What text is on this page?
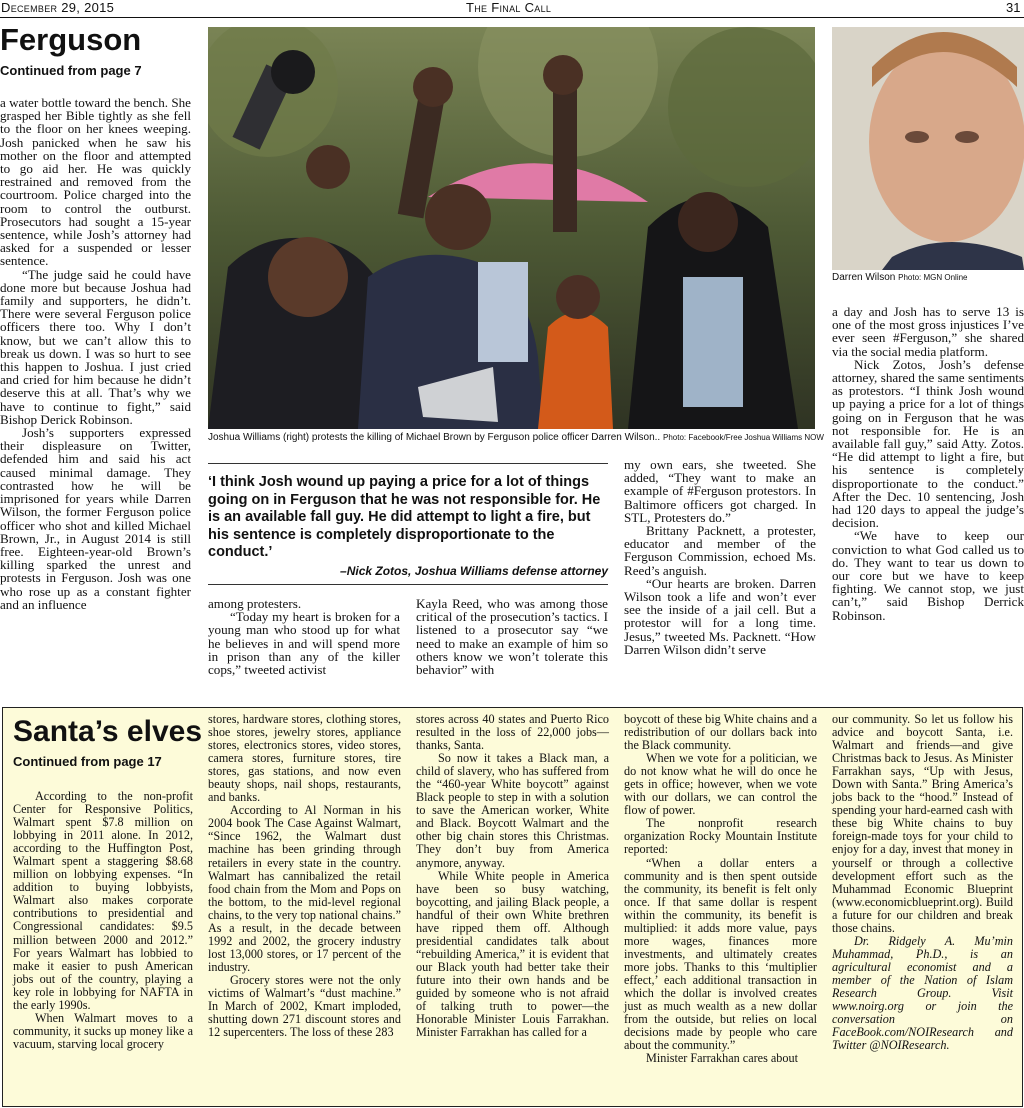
December 29, 2015	The Final Call	31
Ferguson
Continued from page 7

a water bottle toward the bench. She grasped her Bible tightly as she fell to the floor on her knees weeping. Josh panicked when he saw his mother on the floor and attempted to go aid her. He was quickly restrained and removed from the courtroom. Police charged into the room to control the outburst. Prosecutors had sought a 15-year sentence, while Josh’s attorney had asked for a suspended or lesser sentence.

“The judge said he could have done more but because Joshua had family and supporters, he didn’t. There were several Ferguson police officers there too. Why I don’t know, but we can’t allow this to break us down. I was so hurt to see this happen to Joshua. I just cried and cried for him because he didn’t deserve this at all. That’s why we have to continue to fight,” said Bishop Derick Robinson.

Josh’s supporters expressed their displeasure on Twitter, defended him and said his act caused minimal damage. They contrasted how he will be imprisoned for years while Darren Wilson, the former Ferguson police officer who shot and killed Michael Brown, Jr., in August 2014 is still free. Eighteen-year-old Brown’s killing sparked the unrest and protests in Ferguson. Josh was one who rose up as a constant fighter and an influence

Joshua Williams (right) protests the killing of Michael Brown by Ferguson police officer Darren Wilson.. Photo: Facebook/Free Joshua Williams NOW
Darren Wilson Photo: MGN Online
‘I think Josh wound up paying a price for a lot of things going on in Ferguson that he was not responsible for. He is an available fall guy. He did attempt to light a fire, but his sentence is completely disproportionate to the conduct.’
–Nick Zotos, Joshua Williams defense attorney

among protesters.

“Today my heart is broken for a young man who stood up for what he believes in and will spend more in prison than any of the killer cops,” tweeted activist

Kayla Reed, who was among those critical of the prosecution’s tactics. I listened to a prosecutor say “we need to make an example of him so others know we won’t tolerate this behavior” with

my own ears, she tweeted. She added, “They want to make an example of #Ferguson protestors. In Baltimore officers got charged. In STL, Protesters do.”

Brittany Packnett, a protester, educator and member of the Ferguson Commission, echoed Ms. Reed’s anguish.

“Our hearts are broken. Darren Wilson took a life and won’t ever see the inside of a jail cell. But a protestor will for a long time. Jesus,” tweeted Ms. Packnett. “How Darren Wilson didn’t serve

a day and Josh has to serve 13 is one of the most gross injustices I’ve ever seen #Ferguson,” she shared via the social media platform.

Nick Zotos, Josh’s defense attorney, shared the same sentiments as protestors. “I think Josh wound up paying a price for a lot of things going on in Ferguson that he was not responsible for. He is an available fall guy,” said Atty. Zotos. “He did attempt to light a fire, but his sentence is completely disproportionate to the conduct.” After the Dec. 10 sentencing, Josh had 120 days to appeal the judge’s decision.

“We have to keep our conviction to what God called us to do. They want to tear us down to our core but we have to keep fighting. We cannot stop, we just can’t,” said Bishop Derrick Robinson.

Santa’s elves
Continued from page 17

According to the non-profit Center for Responsive Politics, Walmart spent $7.8 million on lobbying in 2011 alone. In 2012, according to the Huffington Post, Walmart spent a staggering $8.68 million on lobbying expenses. “In addition to buying lobbyists, Walmart also makes corporate contributions to presidential and Congressional candidates: $9.5 million between 2000 and 2012.” For years Walmart has lobbied to make it easier to push American jobs out of the country, playing a key role in lobbying for NAFTA in the early 1990s.

When Walmart moves to a community, it sucks up money like a vacuum, starving local grocery

stores, hardware stores, clothing stores, shoe stores, jewelry stores, appliance stores, electronics stores, video stores, camera stores, furniture stores, tire stores, gas stations, and now even beauty shops, nail shops, restaurants, and banks.

According to Al Norman in his 2004 book The Case Against Walmart, “Since 1962, the Walmart dust machine has been grinding through retailers in every state in the country. Walmart has cannibalized the retail food chain from the Mom and Pops on the bottom, to the mid-level regional chains, to the very top national chains.” As a result, in the decade between 1992 and 2002, the grocery industry lost 13,000 stores, or 17 percent of the industry.

Grocery stores were not the only victims of Walmart’s “dust machine.” In March of 2002, Kmart imploded, shutting down 271 discount stores and 12 supercenters. The loss of these 283

stores across 40 states and Puerto Rico resulted in the loss of 22,000 jobs—thanks, Santa.

So now it takes a Black man, a child of slavery, who has suffered from the “460-year White boycott” against Black people to step in with a solution to save the American worker, White and Black. Boycott Walmart and the other big chain stores this Christmas. They don’t buy from America anymore, anyway.

While White people in America have been so busy watching, boycotting, and jailing Black people, a handful of their own White brethren have ripped them off. Although presidential candidates talk about “rebuilding America,” it is evident that our Black youth had better take their future into their own hands and be guided by someone who is not afraid of talking truth to power—the Honorable Minister Louis Farrakhan. Minister Farrakhan has called for a

boycott of these big White chains and a redistribution of our dollars back into the Black community.

When we vote for a politician, we do not know what he will do once he gets in office; however, when we vote with our dollars, we can control the flow of power.

The nonprofit research organization Rocky Mountain Institute reported:

“When a dollar enters a community and is then spent outside the community, its benefit is felt only once. If that same dollar is respent within the community, its benefit is multiplied: it adds more value, pays more wages, finances more investments, and ultimately creates more jobs. Thanks to this ‘multiplier effect,’ each additional transaction in which the dollar is involved creates just as much wealth as a new dollar from the outside, but relies on local decisions made by people who care about the community.”

Minister Farrakhan cares about

our community. So let us follow his advice and boycott Santa, i.e. Walmart and friends—and give Christmas back to Jesus. As Minister Farrakhan says, “Up with Jesus, Down with Santa.” Bring America’s jobs back to the “hood.” Instead of spending your hard-earned cash with these big White chains to buy foreign-made toys for your child to enjoy for a day, invest that money in yourself or through a collective development effort such as the Muhammad Economic Blueprint (www.economicblueprint.org). Build a future for our children and break those chains.

Dr. Ridgely A. Mu’min Muhammad, Ph.D., is an agricultural economist and a member of the Nation of Islam Research Group. Visit www.noirg.org or join the conversation on FaceBook.com/NOIResearch and Twitter @NOIResearch.
